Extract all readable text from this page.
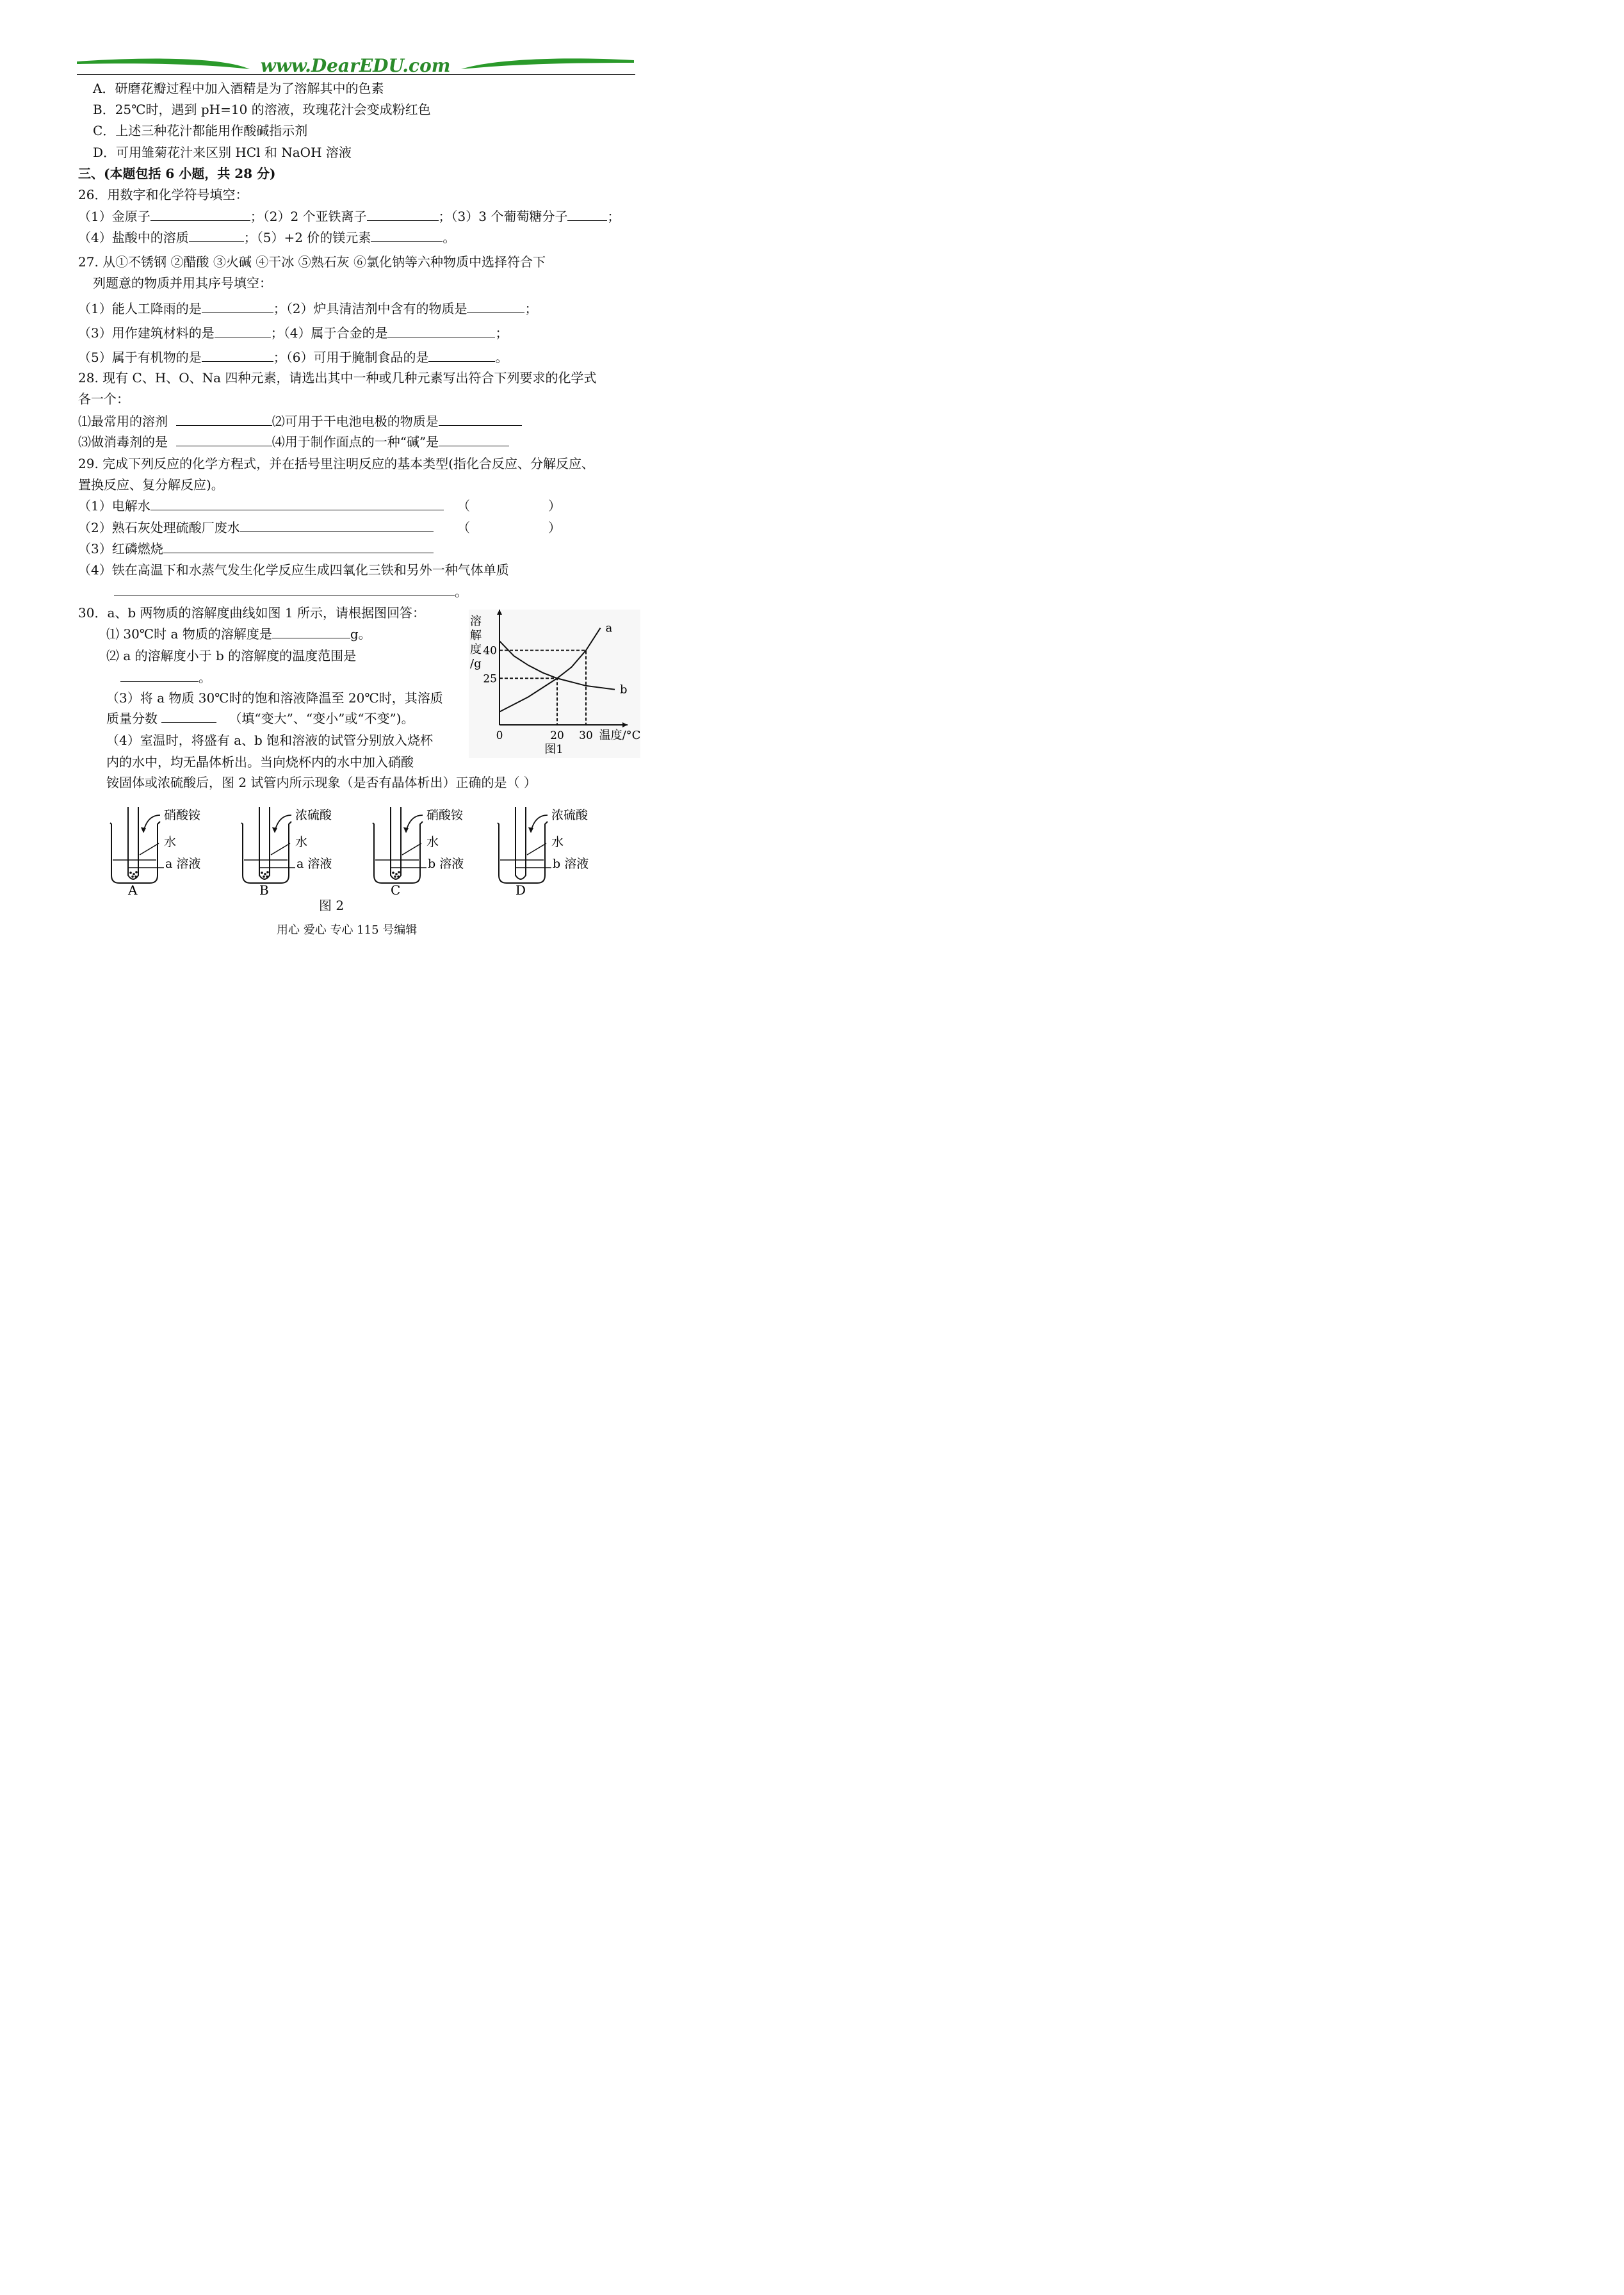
www.DearEDU.com
A．研磨花瓣过程中加入酒精是为了溶解其中的色素
B．25℃时，遇到 pH=10 的溶液，玫瑰花汁会变成粉红色
C．上述三种花汁都能用作酸碱指示剂
D．可用雏菊花汁来区别 HCl 和 NaOH 溶液
三、(本题包括 6 小题，共 28 分)
26．用数字和化学符号填空：
（1）金原子	；（2）2 个亚铁离子	；（3）3 个葡萄糖分子	；
（4）盐酸中的溶质	；（5）+2 价的镁元素	。
27. 从①不锈钢 ②醋酸 ③火碱 ④干冰 ⑤熟石灰 ⑥氯化钠等六种物质中选择符合下
列题意的物质并用其序号填空：
（1）能人工降雨的是	；（2）炉具清洁剂中含有的物质是	；
（3）用作建筑材料的是	；（4）属于合金的是	；
（5）属于有机物的是	；（6）可用于腌制食品的是	。
28. 现有 C、H、O、Na 四种元素，请选出其中一种或几种元素写出符合下列要求的化学式
各一个：
⑴最常用的溶剂	⑵可用于干电池电极的物质是
⑶做消毒剂的是	⑷用于制作面点的一种“碱”是
29. 完成下列反应的化学方程式，并在括号里注明反应的基本类型(指化合反应、分解反应、
置换反应、复分解反应)。
（1）电解水	（	）
（2）熟石灰处理硫酸厂废水	（	）
（3）红磷燃烧
（4）铁在高温下和水蒸气发生化学反应生成四氧化三铁和另外一种气体单质
。
30．a、b 两物质的溶解度曲线如图 1 所示，请根据图回答：
⑴ 30℃时 a 物质的溶解度是	g。
⑵ a 的溶解度小于 b 的溶解度的温度范围是
。
（3）将 a 物质 30℃时的饱和溶液降温至 20℃时，其溶质
质量分数	（填“变大”、“变小”或“不变”)。
（4）室温时，将盛有 a、b 饱和溶液的试管分别放入烧杯
内的水中，均无晶体析出。当向烧杯内的水中加入硝酸
铵固体或浓硫酸后，图 2 试管内所示现象（是否有晶体析出）正确的是（ ）
溶
解
度
/g
40
25
0	20 30 温度/°C
a
b
图1
硝酸铵
水
a 溶液
A
浓硫酸
水
a 溶液
B
硝酸铵
水
b 溶液
C
浓硫酸
水
b 溶液
D
图 2
用心 爱心 专心 115 号编辑
